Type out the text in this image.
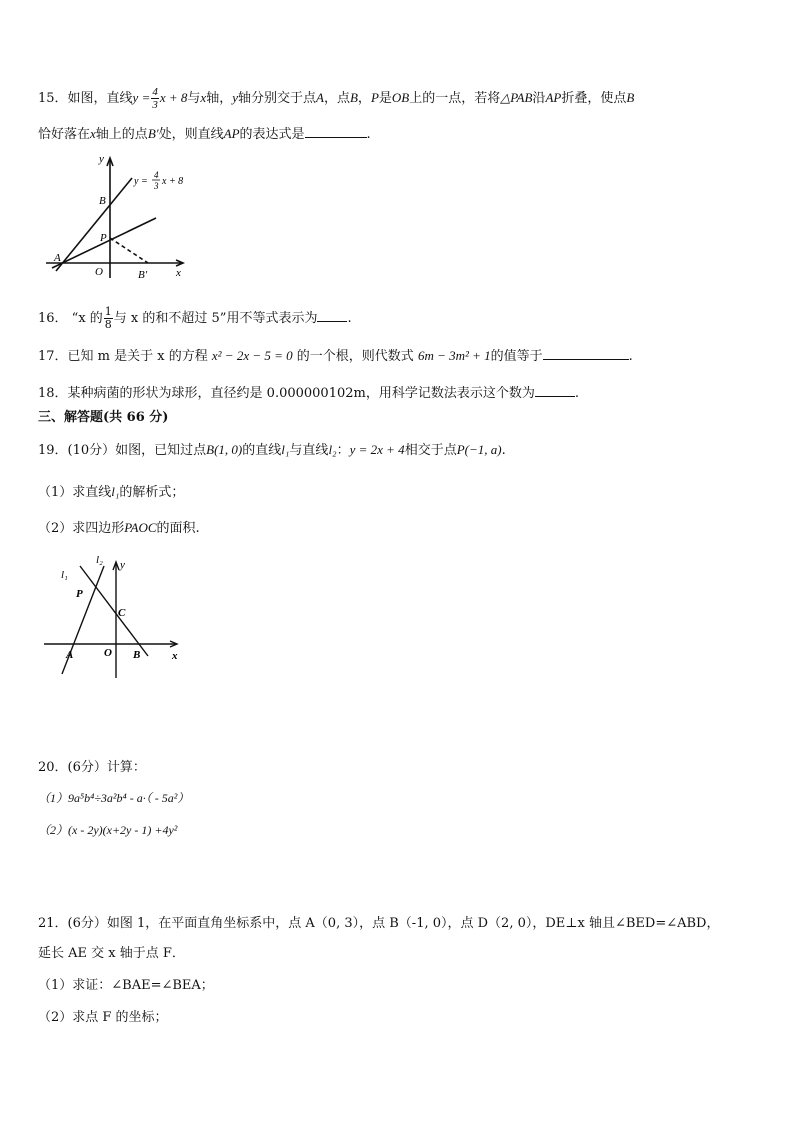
15．如图，直线$y = \frac{4}{3}$ x + 8与x轴，y轴分别交于点A，点B，P是OB上的一点，若将△PAB沿AP折叠，使点B
恰好落在x轴上的点B′处，则直线AP的表达式是	.
y
x
B
P
A
O	B′
y =
4
3 x + 8
16． “x 的 $\frac{1}{8}$ 与 x 的和不超过 5”用不等式表示为 .
17．已知 m 是关于 x 的方程 x² − 2x − 5 = 0 的一个根，则代数式 6m − 3m² + 1的值等于	.
18．某种病菌的形状为球形，直径约是 0.000000102m，用科学记数法表示这个数为	.
三、解答题(共 66 分)
19．(10分）如图，已知过点B(1, 0)的直线l₁与直线l₂：y = 2x + 4相交于点P(−1, a).
（1）求直线l₁的解析式；
（2）求四边形PAOC的面积.
l₁
l₂ y
P
C
A	O B	x
20．(6分）计算：
（1）9a⁵b⁴÷3a²b⁴ - a·（ - 5a²）
（2）(x - 2y)(x+2y - 1) +4y²
21．(6分）如图 1，在平面直角坐标系中，点 A（0, 3），点 B（-1, 0），点 D（2, 0），DE⊥x 轴且∠BED=∠ABD，
延长 AE 交 x 轴于点 F．
（1）求证：∠BAE=∠BEA；
（2）求点 F 的坐标；
